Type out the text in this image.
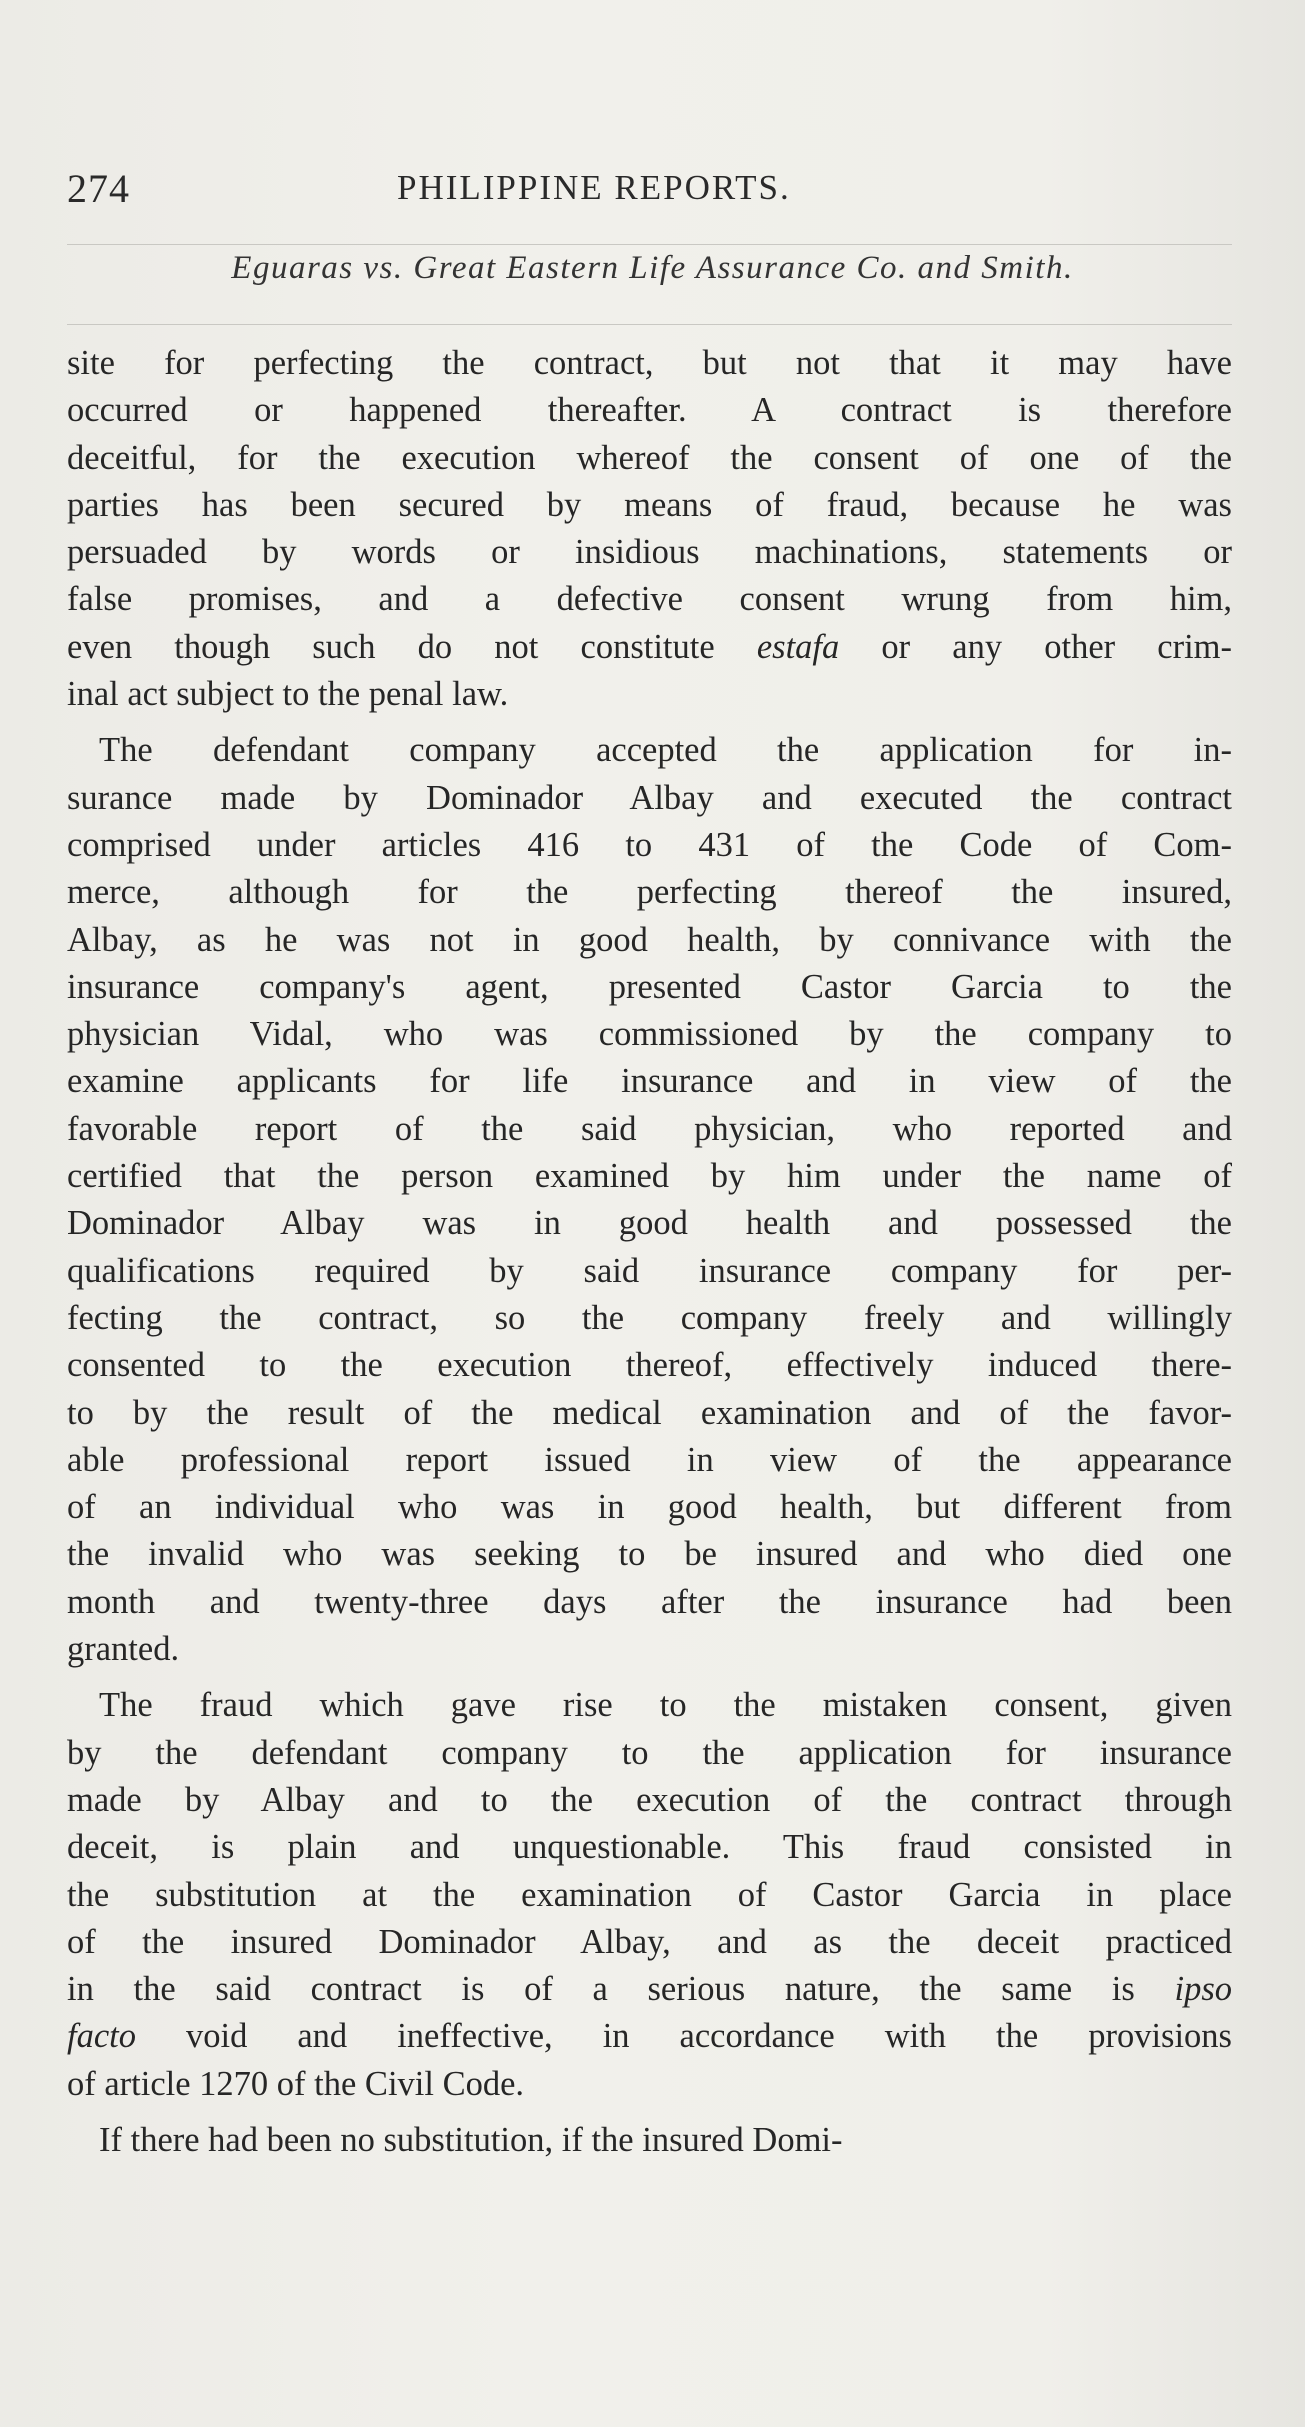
274	PHILIPPINE REPORTS.
Eguaras vs. Great Eastern Life Assurance Co. and Smith.
site for perfecting the contract, but not that it may have
occurred or happened thereafter. A contract is therefore
deceitful, for the execution whereof the consent of one of the
parties has been secured by means of fraud, because he was
persuaded by words or insidious machinations, statements or
false promises, and a defective consent wrung from him,
even though such do not constitute estafa or any other crim-
inal act subject to the penal law.
The defendant company accepted the application for in-
surance made by Dominador Albay and executed the contract
comprised under articles 416 to 431 of the Code of Com-
merce, although for the perfecting thereof the insured,
Albay, as he was not in good health, by connivance with the
insurance company's agent, presented Castor Garcia to the
physician Vidal, who was commissioned by the company to
examine applicants for life insurance and in view of the
favorable report of the said physician, who reported and
certified that the person examined by him under the name of
Dominador Albay was in good health and possessed the
qualifications required by said insurance company for per-
fecting the contract, so the company freely and willingly
consented to the execution thereof, effectively induced there-
to by the result of the medical examination and of the favor-
able professional report issued in view of the appearance
of an individual who was in good health, but different from
the invalid who was seeking to be insured and who died one
month and twenty-three days after the insurance had been
granted.
The fraud which gave rise to the mistaken consent, given
by the defendant company to the application for insurance
made by Albay and to the execution of the contract through
deceit, is plain and unquestionable. This fraud consisted in
the substitution at the examination of Castor Garcia in place
of the insured Dominador Albay, and as the deceit practiced
in the said contract is of a serious nature, the same is ipso
facto void and ineffective, in accordance with the provisions
of article 1270 of the Civil Code.
If there had been no substitution, if the insured Domi-
